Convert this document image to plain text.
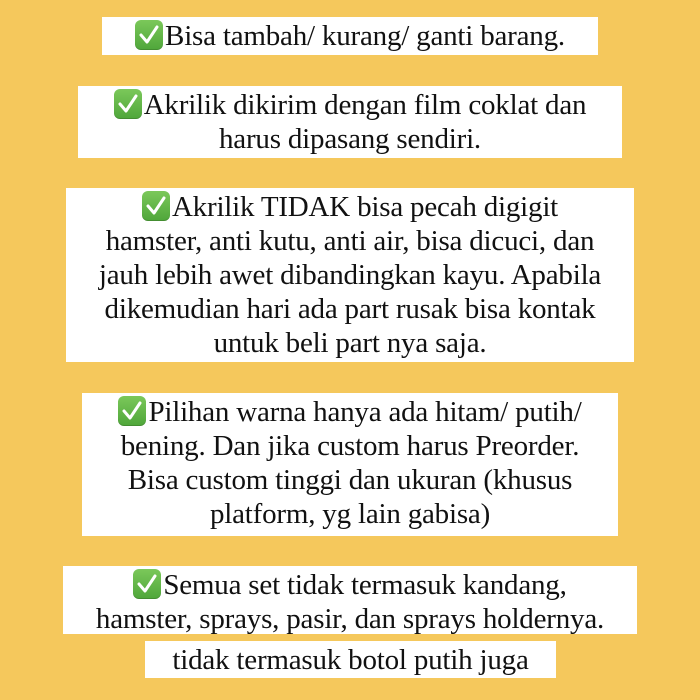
Bisa tambah/ kurang/ ganti barang.
Akrilik dikirim dengan film coklat dan
harus dipasang sendiri.
Akrilik TIDAK bisa pecah digigit
hamster, anti kutu, anti air, bisa dicuci, dan
jauh lebih awet dibandingkan kayu. Apabila
dikemudian hari ada part rusak bisa kontak
untuk beli part nya saja.
Pilihan warna hanya ada hitam/ putih/
bening. Dan jika custom harus Preorder.
Bisa custom tinggi dan ukuran (khusus
platform, yg lain gabisa)
Semua set tidak termasuk kandang,
hamster, sprays, pasir, dan sprays holdernya.
tidak termasuk botol putih juga
